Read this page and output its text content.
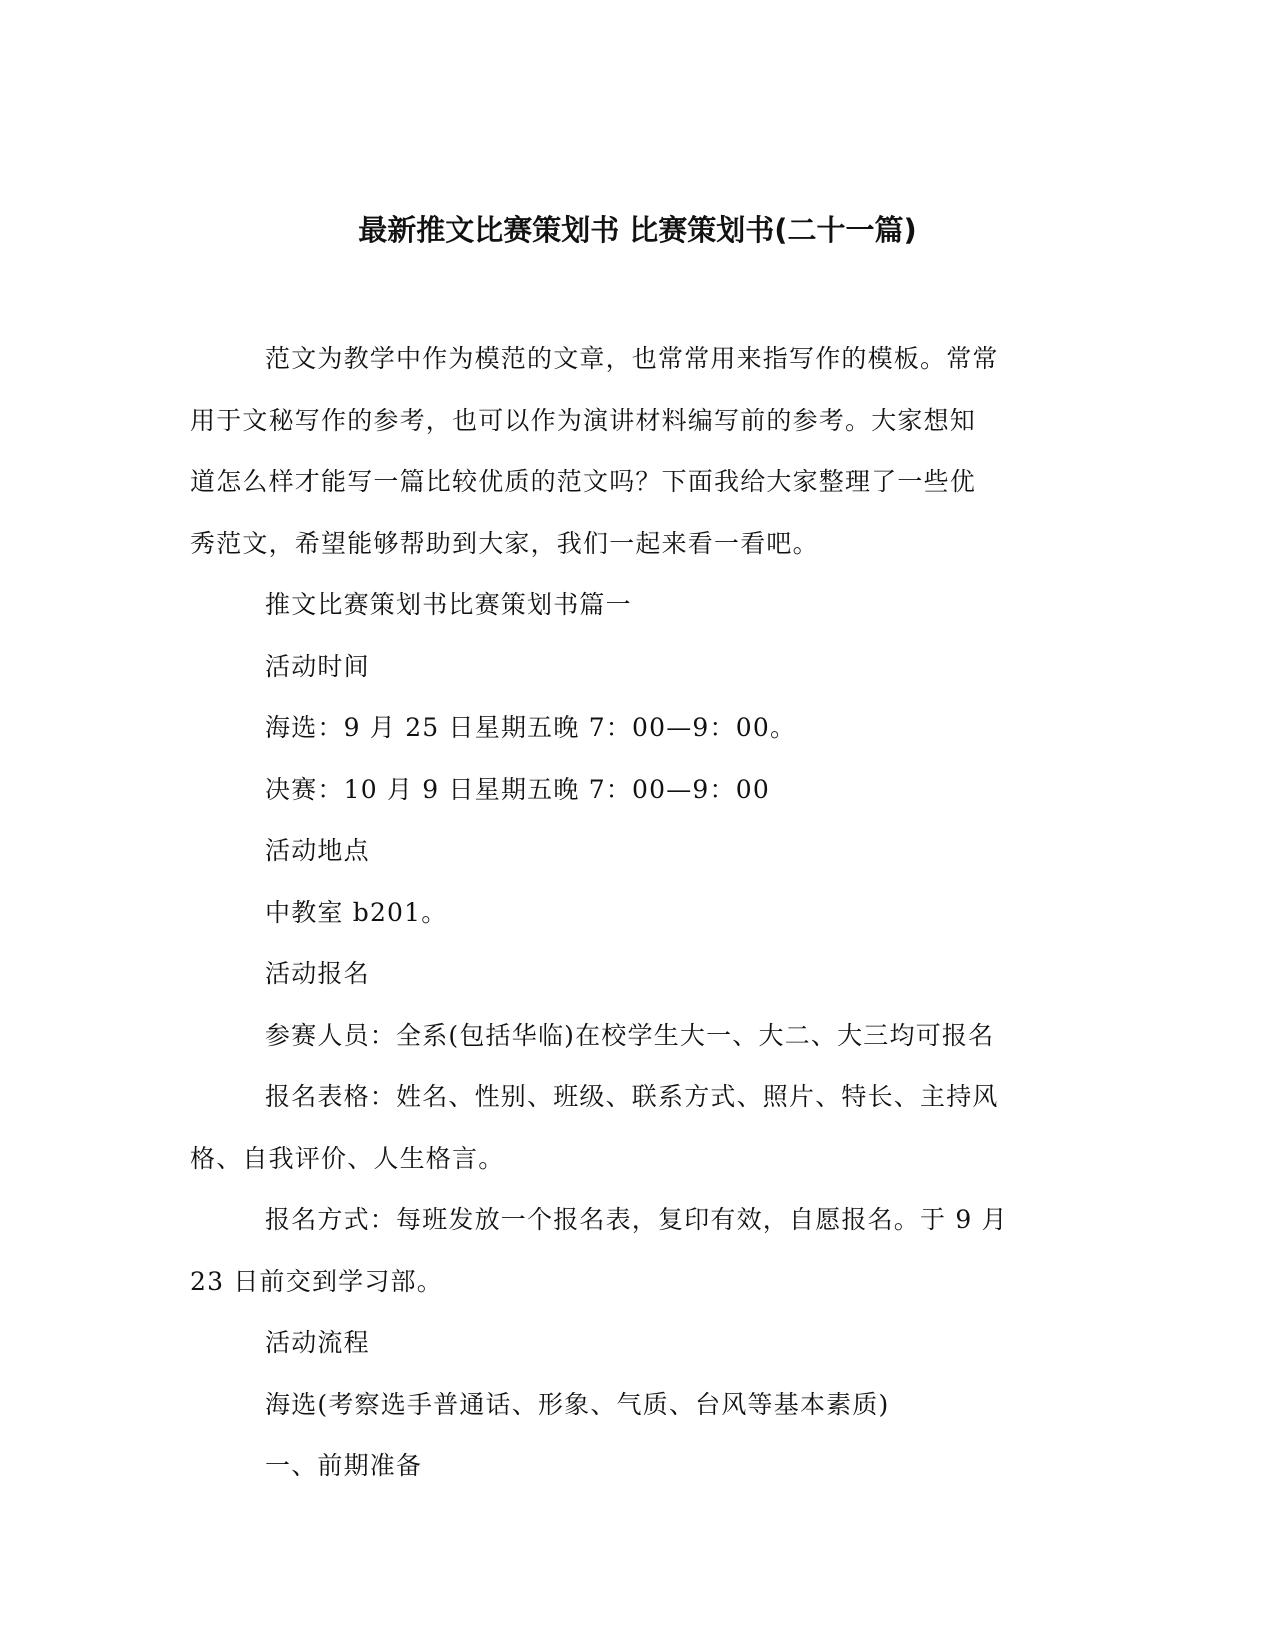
最新推文比赛策划书 比赛策划书(二十一篇)

范文为教学中作为模范的文章，也常常用来指写作的模板。常常

用于文秘写作的参考，也可以作为演讲材料编写前的参考。大家想知

道怎么样才能写一篇比较优质的范文吗？下面我给大家整理了一些优

秀范文，希望能够帮助到大家，我们一起来看一看吧。

推文比赛策划书比赛策划书篇一

活动时间

海选：9 月 25 日星期五晚 7：00—9：00。

决赛：10 月 9 日星期五晚 7：00—9：00

活动地点

中教室 b201。

活动报名

参赛人员：全系(包括华临)在校学生大一、大二、大三均可报名

报名表格：姓名、性别、班级、联系方式、照片、特长、主持风

格、自我评价、人生格言。

报名方式：每班发放一个报名表，复印有效，自愿报名。于 9 月

23 日前交到学习部。

活动流程

海选(考察选手普通话、形象、气质、台风等基本素质)

一、前期准备
